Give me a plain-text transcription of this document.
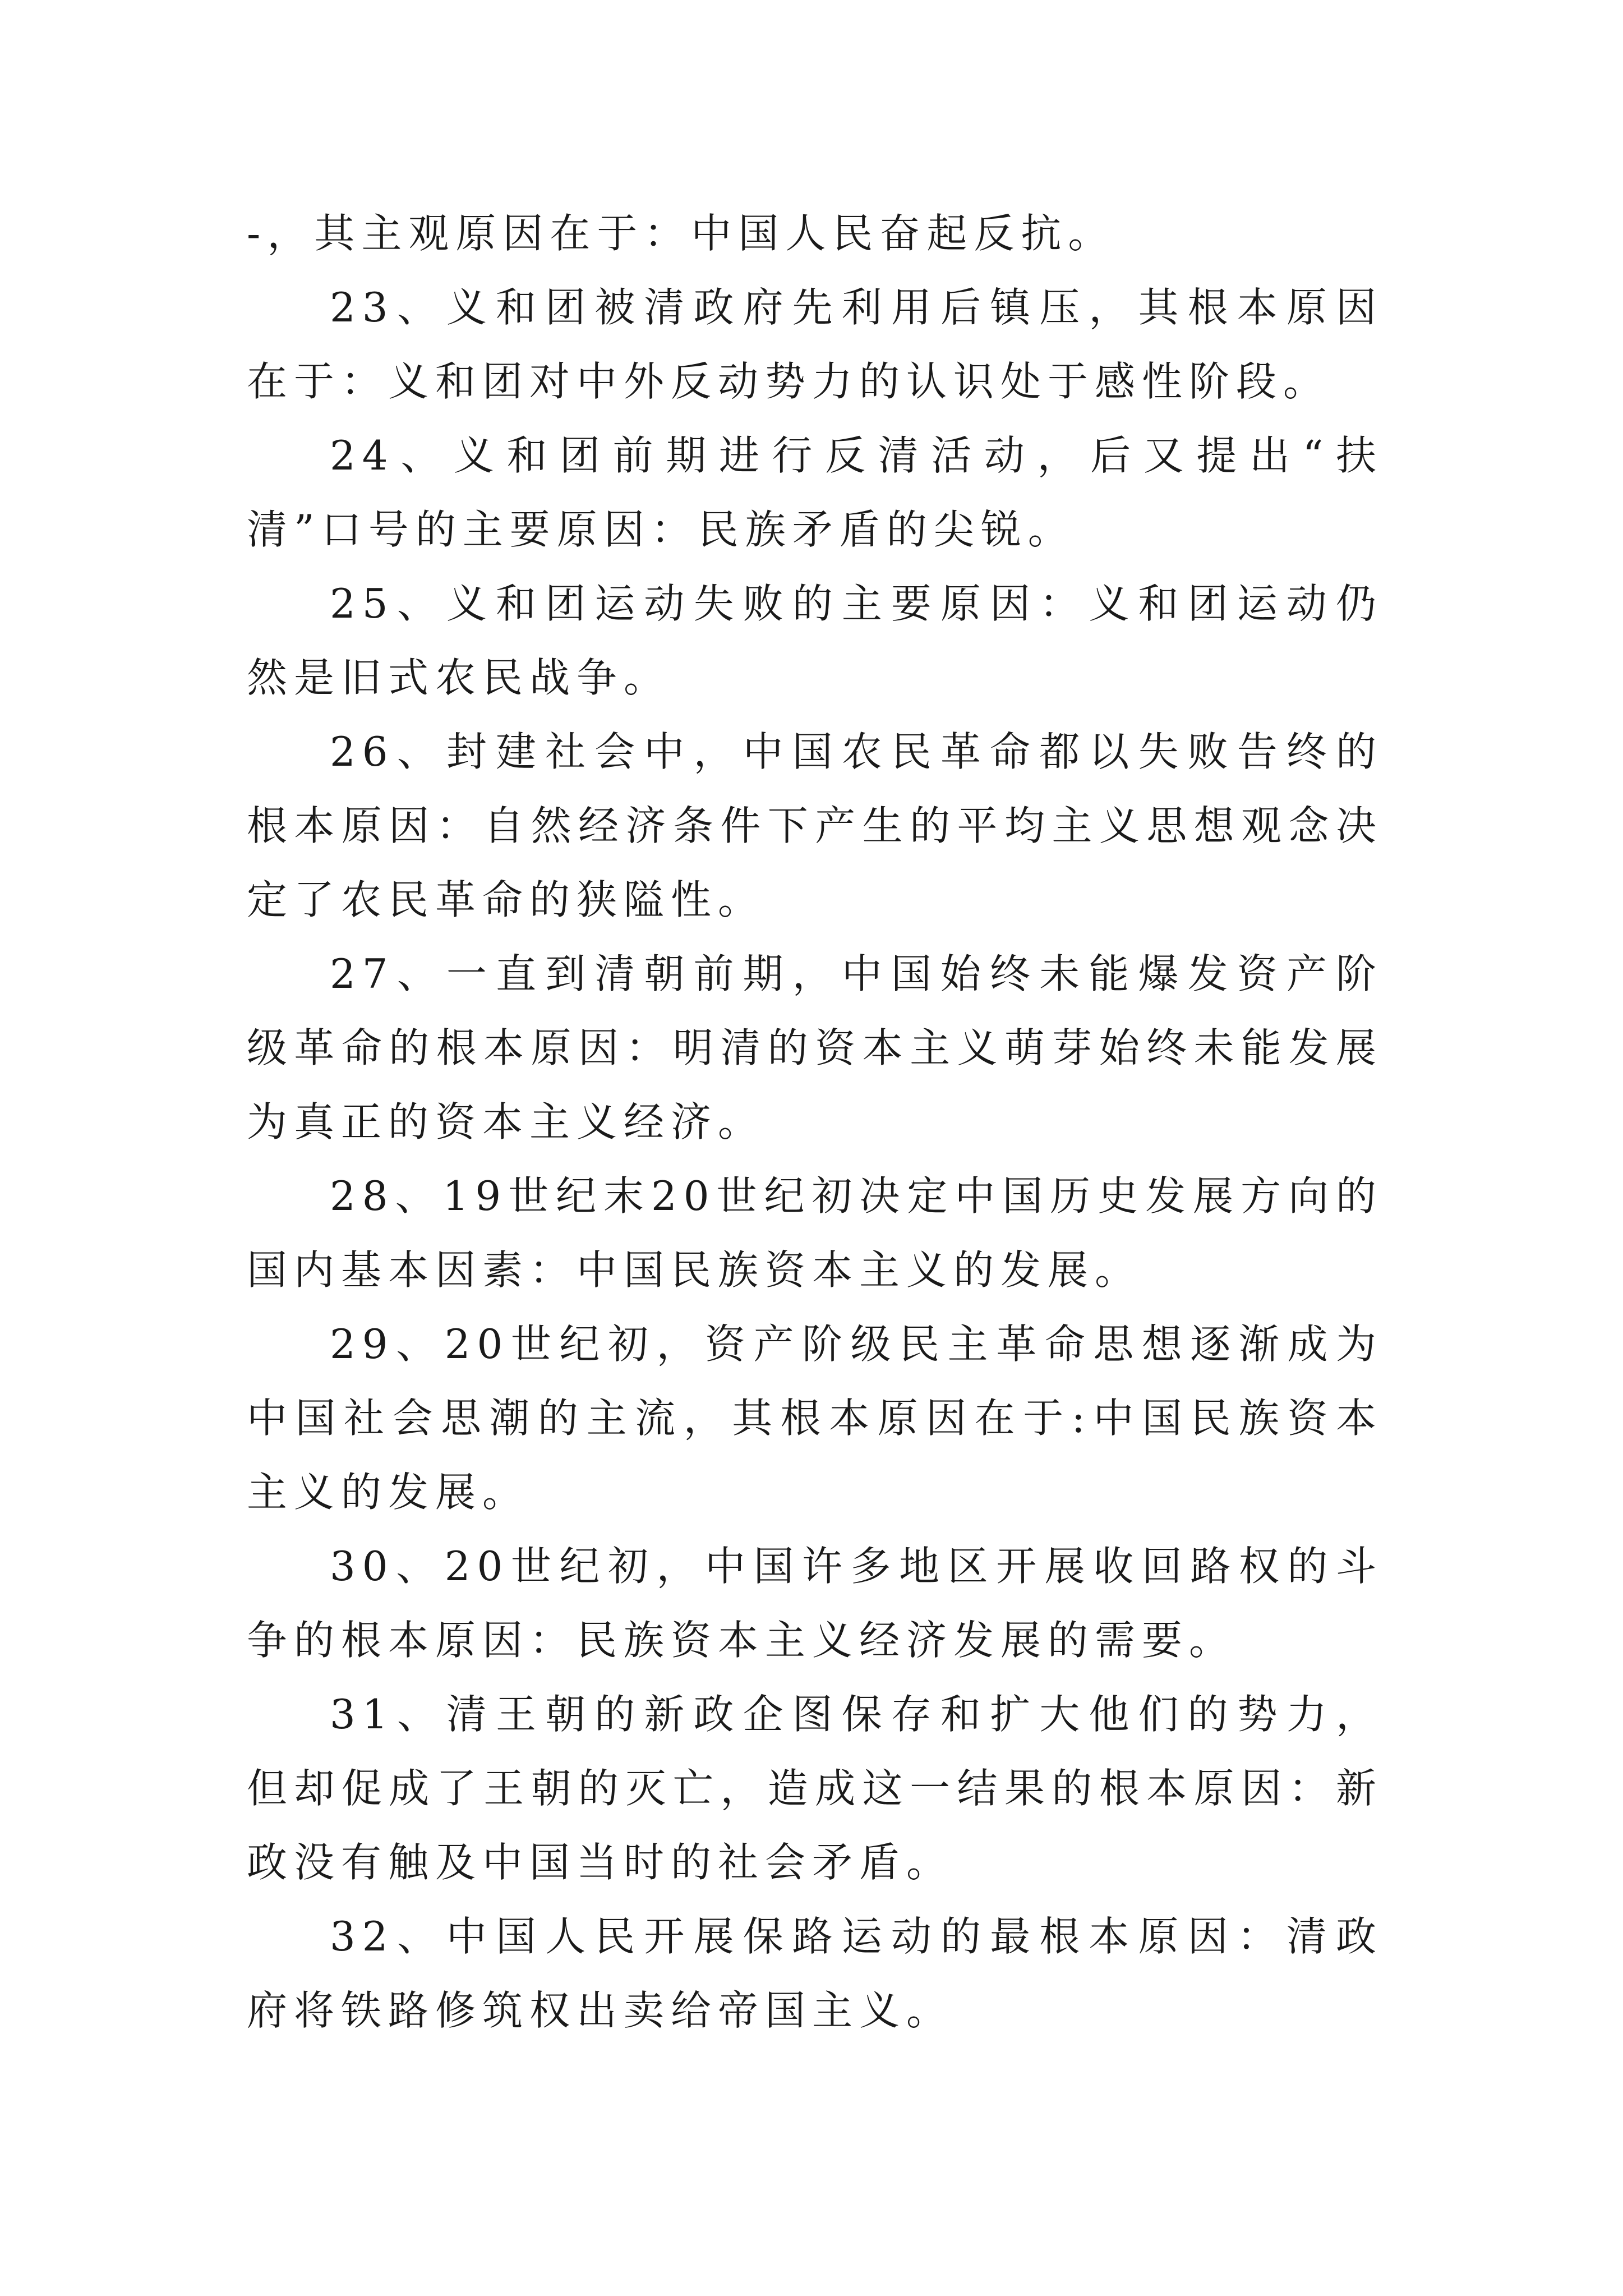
-，其主观原因在于：中国人民奋起反抗。

23、义和团被清政府先利用后镇压，其根本原因在于：义和团对中外反动势力的认识处于感性阶段。

24、义和团前期进行反清活动，后又提出“扶清”口号的主要原因：民族矛盾的尖锐。

25、义和团运动失败的主要原因：义和团运动仍然是旧式农民战争。

26、封建社会中，中国农民革命都以失败告终的根本原因：自然经济条件下产生的平均主义思想观念决定了农民革命的狭隘性。

27、一直到清朝前期，中国始终未能爆发资产阶级革命的根本原因：明清的资本主义萌芽始终未能发展为真正的资本主义经济。

28、19世纪末20世纪初决定中国历史发展方向的国内基本因素：中国民族资本主义的发展。

29、20世纪初，资产阶级民主革命思想逐渐成为中国社会思潮的主流，其根本原因在于:中国民族资本主义的发展。

30、20世纪初，中国许多地区开展收回路权的斗争的根本原因：民族资本主义经济发展的需要。

31、清王朝的新政企图保存和扩大他们的势力，但却促成了王朝的灭亡，造成这一结果的根本原因：新政没有触及中国当时的社会矛盾。

32、中国人民开展保路运动的最根本原因：清政府将铁路修筑权出卖给帝国主义。
